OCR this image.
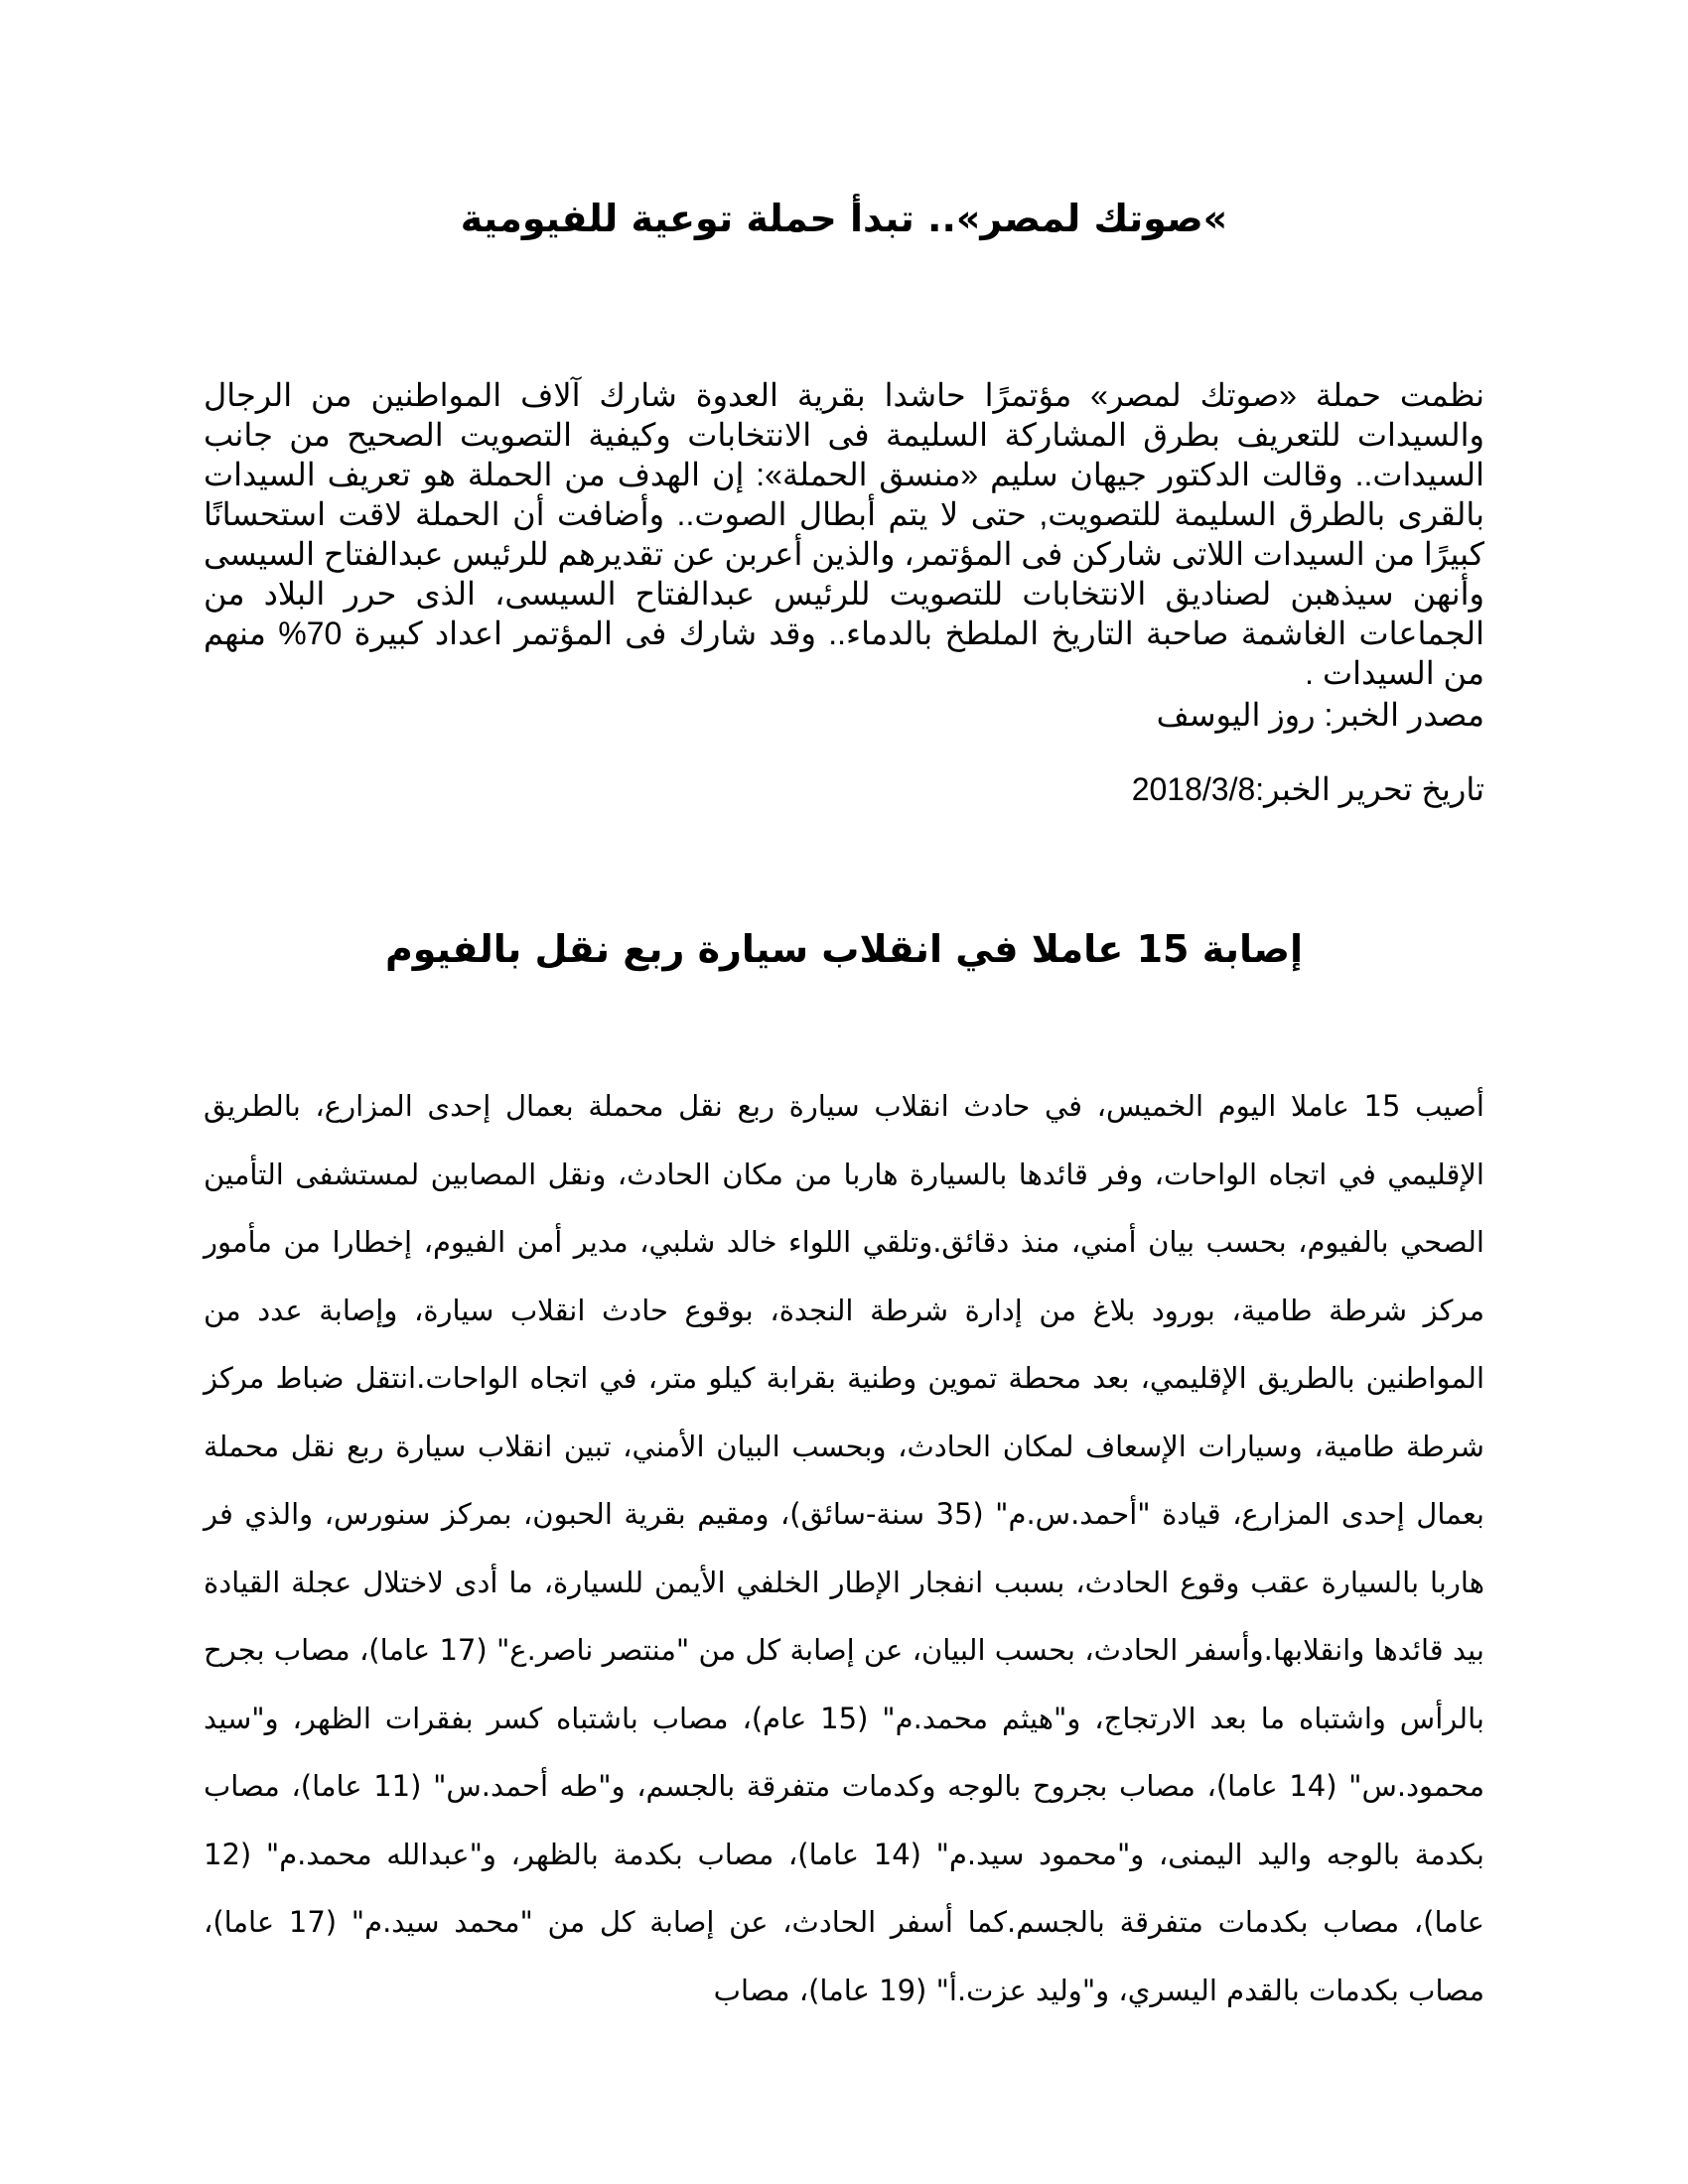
»صوتك لمصر».. تبدأ حملة توعية للفيومية

نظمت حملة «صوتك لمصر» مؤتمرًا حاشدا بقرية العدوة شارك آلاف المواطنين من الرجال والسيدات للتعريف بطرق المشاركة السليمة فى الانتخابات وكيفية التصويت الصحيح من جانب السيدات.. وقالت الدكتور جيهان سليم «منسق الحملة»: إن الهدف من الحملة هو تعريف السيدات بالقرى بالطرق السليمة للتصويت, حتى لا يتم أبطال الصوت.. وأضافت أن الحملة لاقت استحسانًا كبيرًا من السيدات اللاتى شاركن فى المؤتمر، والذين أعربن عن تقديرهم للرئيس عبدالفتاح السيسى وأنهن سيذهبن لصناديق الانتخابات للتصويت للرئيس عبدالفتاح السيسى، الذى حرر البلاد من الجماعات الغاشمة صاحبة التاريخ الملطخ بالدماء.. وقد شارك فى المؤتمر اعداد كبيرة 70% منهم من السيدات .

مصدر الخبر: روز اليوسف
تاريخ تحرير الخبر:2018/3/8
إصابة 15 عاملا في انقلاب سيارة ربع نقل بالفيوم

أصيب 15 عاملا اليوم الخميس، في حادث انقلاب سيارة ربع نقل محملة بعمال إحدى المزارع، بالطريق الإقليمي في اتجاه الواحات، وفر قائدها بالسيارة هاربا من مكان الحادث، ونقل المصابين لمستشفى التأمين الصحي بالفيوم، بحسب بيان أمني، منذ دقائق.وتلقي اللواء خالد شلبي، مدير أمن الفيوم، إخطارا من مأمور مركز شرطة طامية، بورود بلاغ من إدارة شرطة النجدة، بوقوع حادث انقلاب سيارة، وإصابة عدد من المواطنين بالطريق الإقليمي، بعد محطة تموين وطنية بقرابة كيلو متر، في اتجاه الواحات.انتقل ضباط مركز شرطة طامية، وسيارات الإسعاف لمكان الحادث، وبحسب البيان الأمني، تبين انقلاب سيارة ربع نقل محملة بعمال إحدى المزارع، قيادة "أحمد.س.م" (35 سنة-سائق)، ومقيم بقرية الحبون، بمركز سنورس، والذي فر هاربا بالسيارة عقب وقوع الحادث، بسبب انفجار الإطار الخلفي الأيمن للسيارة، ما أدى لاختلال عجلة القيادة بيد قائدها وانقلابها.وأسفر الحادث، بحسب البيان، عن إصابة كل من "منتصر ناصر.ع" (17 عاما)، مصاب بجرح بالرأس واشتباه ما بعد الارتجاج، و"هيثم محمد.م" (15 عام)، مصاب باشتباه كسر بفقرات الظهر، و"سيد محمود.س" (14 عاما)، مصاب بجروح بالوجه وكدمات متفرقة بالجسم، و"طه أحمد.س" (11 عاما)، مصاب بكدمة بالوجه واليد اليمنى، و"محمود سيد.م" (14 عاما)، مصاب بكدمة بالظهر، و"عبدالله محمد.م" (12 عاما)، مصاب بكدمات متفرقة بالجسم.كما أسفر الحادث، عن إصابة كل من "محمد سيد.م" (17 عاما)، مصاب بكدمات بالقدم اليسري، و"وليد عزت.أ" (19 عاما)، مصاب
